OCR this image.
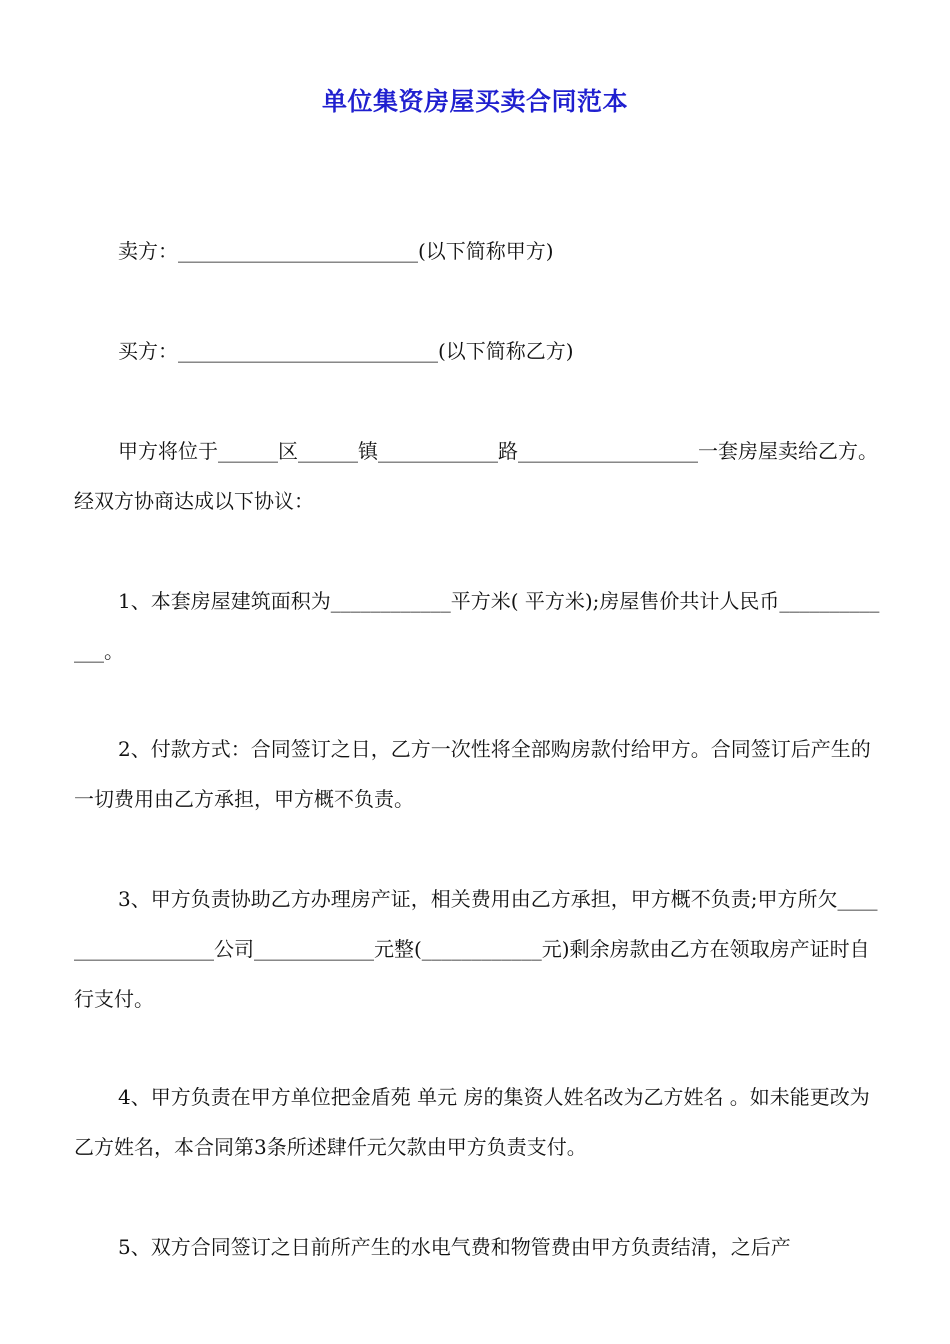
单位集资房屋买卖合同范本
卖方：________________________(以下简称甲方)
买方：__________________________(以下简称乙方)
甲方将位于______区______镇____________路__________________一套房屋卖给乙方。经双方协商达成以下协议：
1、本套房屋建筑面积为____________平方米( 平方米);房屋售价共计人民币_____________。
2、付款方式：合同签订之日，乙方一次性将全部购房款付给甲方。合同签订后产生的一切费用由乙方承担，甲方概不负责。
3、甲方负责协助乙方办理房产证，相关费用由乙方承担，甲方概不负责;甲方所欠__________________公司____________元整(____________元)剩余房款由乙方在领取房产证时自行支付。
4、甲方负责在甲方单位把金盾苑 单元 房的集资人姓名改为乙方姓名 。如未能更改为乙方姓名，本合同第3条所述肆仟元欠款由甲方负责支付。
5、双方合同签订之日前所产生的水电气费和物管费由甲方负责结清，之后产
